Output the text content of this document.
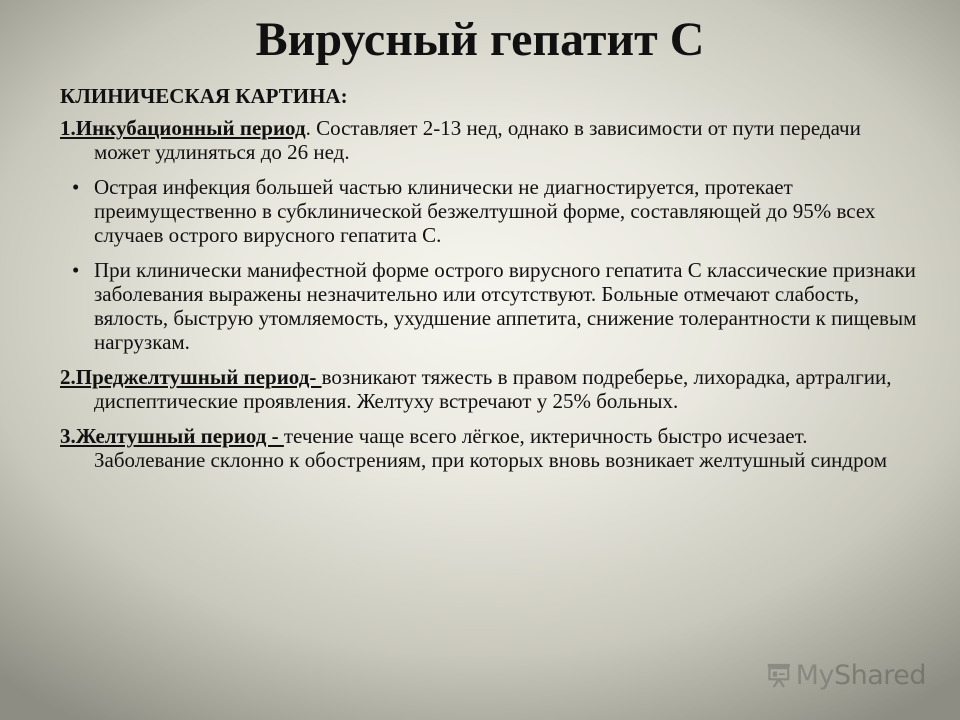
Вирусный гепатит С

КЛИНИЧЕСКАЯ КАРТИНА:

1.Инкубационный период. Составляет 2-13 нед, однако в зависимости от пути передачи может удлиняться до 26 нед.

• Острая инфекция большей частью клинически не диагностируется, протекает преимущественно в субклинической безжелтушной форме, составляющей до 95% всех случаев острого вирусного гепатита С.
• При клинически манифестной форме острого вирусного гепатита С классические признаки заболевания выражены незначительно или отсутствуют. Больные отмечают слабость, вялость, быструю утомляемость, ухудшение аппетита, снижение толерантности к пищевым нагрузкам.

2.Преджелтушный период- возникают тяжесть в правом подреберье, лихорадка, артралгии, диспептические проявления. Желтуху встречают у 25% больных.

3.Желтушный период - течение чаще всего лёгкое, иктеричность быстро исчезает. Заболевание склонно к обострениям, при которых вновь возникает желтушный синдром

MyShared
